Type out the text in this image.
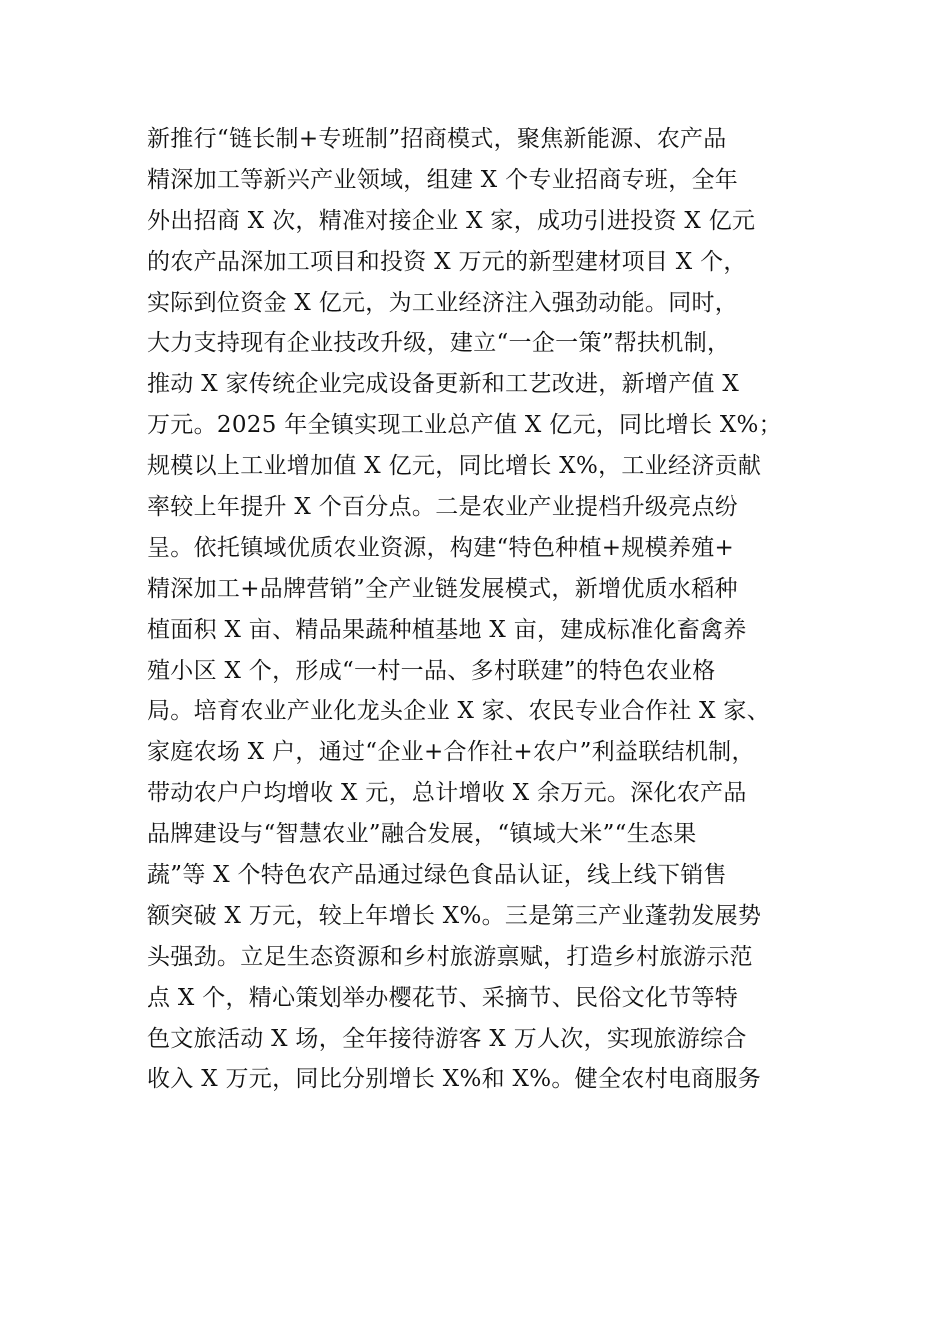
新推行“链长制+专班制”招商模式，聚焦新能源、农产品
精深加工等新兴产业领域，组建 X 个专业招商专班，全年
外出招商 X 次，精准对接企业 X 家，成功引进投资 X 亿元
的农产品深加工项目和投资 X 万元的新型建材项目 X 个，
实际到位资金 X 亿元，为工业经济注入强劲动能。同时，
大力支持现有企业技改升级，建立“一企一策”帮扶机制，
推动 X 家传统企业完成设备更新和工艺改进，新增产值 X
万元。2025 年全镇实现工业总产值 X 亿元，同比增长 X%；
规模以上工业增加值 X 亿元，同比增长 X%，工业经济贡献
率较上年提升 X 个百分点。二是农业产业提档升级亮点纷
呈。依托镇域优质农业资源，构建“特色种植+规模养殖+
精深加工+品牌营销”全产业链发展模式，新增优质水稻种
植面积 X 亩、精品果蔬种植基地 X 亩，建成标准化畜禽养
殖小区 X 个，形成“一村一品、多村联建”的特色农业格
局。培育农业产业化龙头企业 X 家、农民专业合作社 X 家、
家庭农场 X 户，通过“企业+合作社+农户”利益联结机制，
带动农户户均增收 X 元，总计增收 X 余万元。深化农产品
品牌建设与“智慧农业”融合发展，“镇域大米”“生态果
蔬”等 X 个特色农产品通过绿色食品认证，线上线下销售
额突破 X 万元，较上年增长 X%。三是第三产业蓬勃发展势
头强劲。立足生态资源和乡村旅游禀赋，打造乡村旅游示范
点 X 个，精心策划举办樱花节、采摘节、民俗文化节等特
色文旅活动 X 场，全年接待游客 X 万人次，实现旅游综合
收入 X 万元，同比分别增长 X%和 X%。健全农村电商服务
